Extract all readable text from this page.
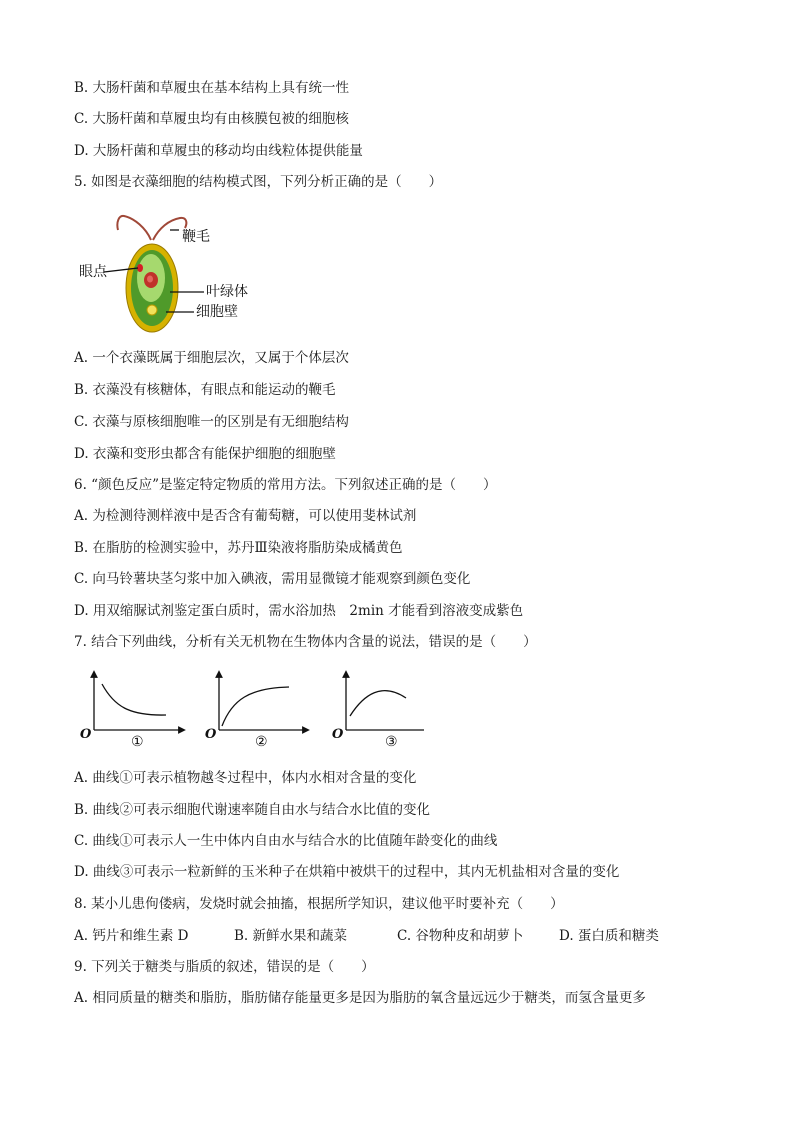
B. 大肠杆菌和草履虫在基本结构上具有统一性
C. 大肠杆菌和草履虫均有由核膜包被的细胞核
D. 大肠杆菌和草履虫的移动均由线粒体提供能量
5. 如图是衣藻细胞的结构模式图，下列分析正确的是（　　）
鞭毛
眼点
叶绿体
细胞壁
A. 一个衣藻既属于细胞层次，又属于个体层次
B. 衣藻没有核糖体，有眼点和能运动的鞭毛
C. 衣藻与原核细胞唯一的区别是有无细胞结构
D. 衣藻和变形虫都含有能保护细胞的细胞壁
6. “颜色反应”是鉴定特定物质的常用方法。下列叙述正确的是（　　）
A. 为检测待测样液中是否含有葡萄糖，可以使用斐林试剂
B. 在脂肪的检测实验中，苏丹Ⅲ染液将脂肪染成橘黄色
C. 向马铃薯块茎匀浆中加入碘液，需用显微镜才能观察到颜色变化
D. 用双缩脲试剂鉴定蛋白质时，需水浴加热　2min 才能看到溶液变成紫色
7. 结合下列曲线，分析有关无机物在生物体内含量的说法，错误的是（　　）
O	①	O	②	O	③
A. 曲线①可表示植物越冬过程中，体内水相对含量的变化
B. 曲线②可表示细胞代谢速率随自由水与结合水比值的变化
C. 曲线①可表示人一生中体内自由水与结合水的比值随年龄变化的曲线
D. 曲线③可表示一粒新鲜的玉米种子在烘箱中被烘干的过程中，其内无机盐相对含量的变化
8. 某小儿患佝偻病，发烧时就会抽搐，根据所学知识，建议他平时要补充（　　）
A. 钙片和维生素 D	B. 新鲜水果和蔬菜	C. 谷物种皮和胡萝卜	D. 蛋白质和糖类
9. 下列关于糖类与脂质的叙述，错误的是（　　）
A. 相同质量的糖类和脂肪，脂肪储存能量更多是因为脂肪的氧含量远远少于糖类，而氢含量更多
